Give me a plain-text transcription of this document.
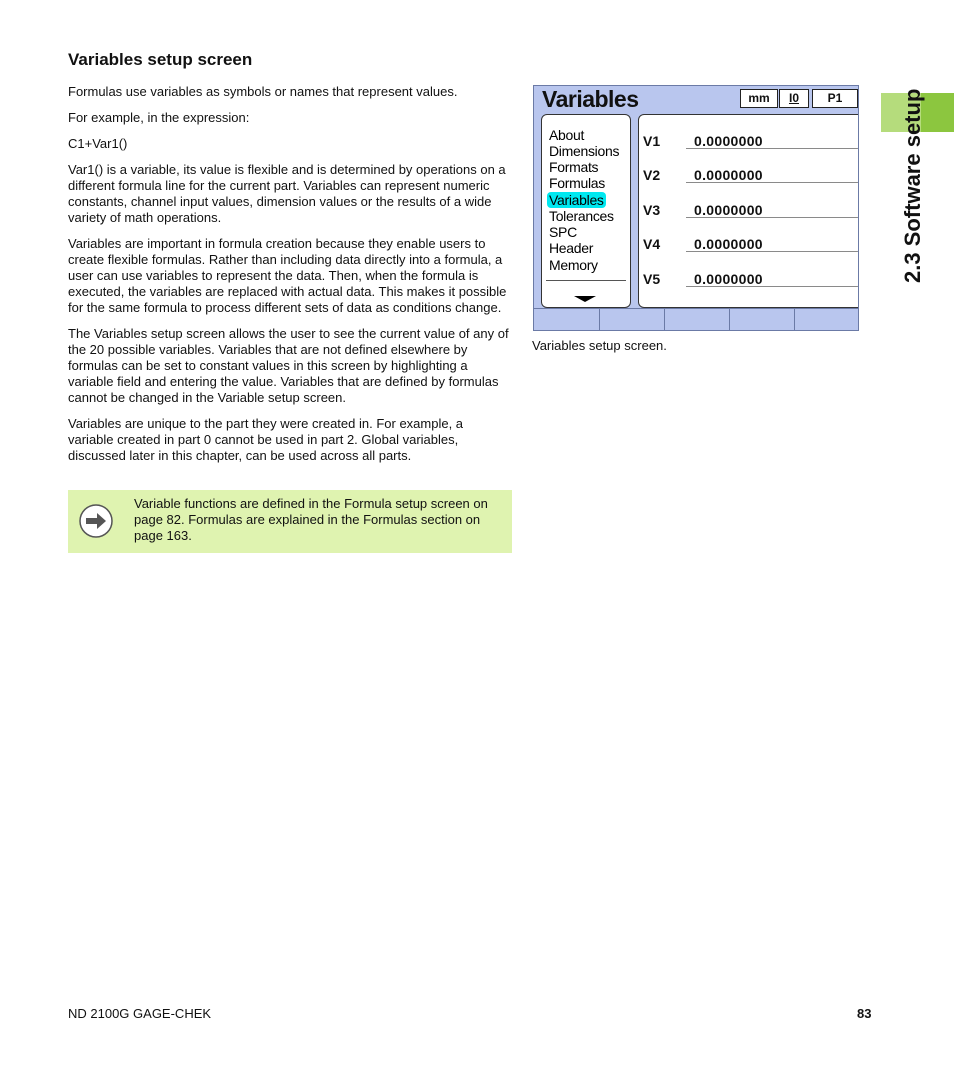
Variables setup screen

Formulas use variables as symbols or names that represent values.

For example, in the expression:

C1+Var1()

Var1() is a variable, its value is flexible and is determined by operations on a different formula line for the current part. Variables can represent numeric constants, channel input values, dimension values or the results of a wide variety of math operations.

Variables are important in formula creation because they enable users to create flexible formulas. Rather than including data directly into a formula, a user can use variables to represent the data. Then, when the formula is executed, the variables are replaced with actual data. This makes it possible for the same formula to process different sets of data as conditions change.

The Variables setup screen allows the user to see the current value of any of the 20 possible variables. Variables that are not defined elsewhere by formulas can be set to constant values in this screen by highlighting a variable field and entering the value. Variables that are defined by formulas cannot be changed in the Variable setup screen.

Variables are unique to the part they were created in. For example, a variable created in part 0 cannot be used in part 2. Global variables, discussed later in this chapter, can be used across all parts.

Variable functions are defined in the Formula setup screen on page 82. Formulas are explained in the Formulas section on page 163.
2.3 Software setup
Variables	mm	I0	P1
About
Dimensions
Formats
Formulas
Variables
Tolerances
SPC
Header
Memory
V1 0.0000000
V2 0.0000000
V3 0.0000000
V4 0.0000000
V5 0.0000000
Variables setup screen.
ND 2100G GAGE-CHEK	83
